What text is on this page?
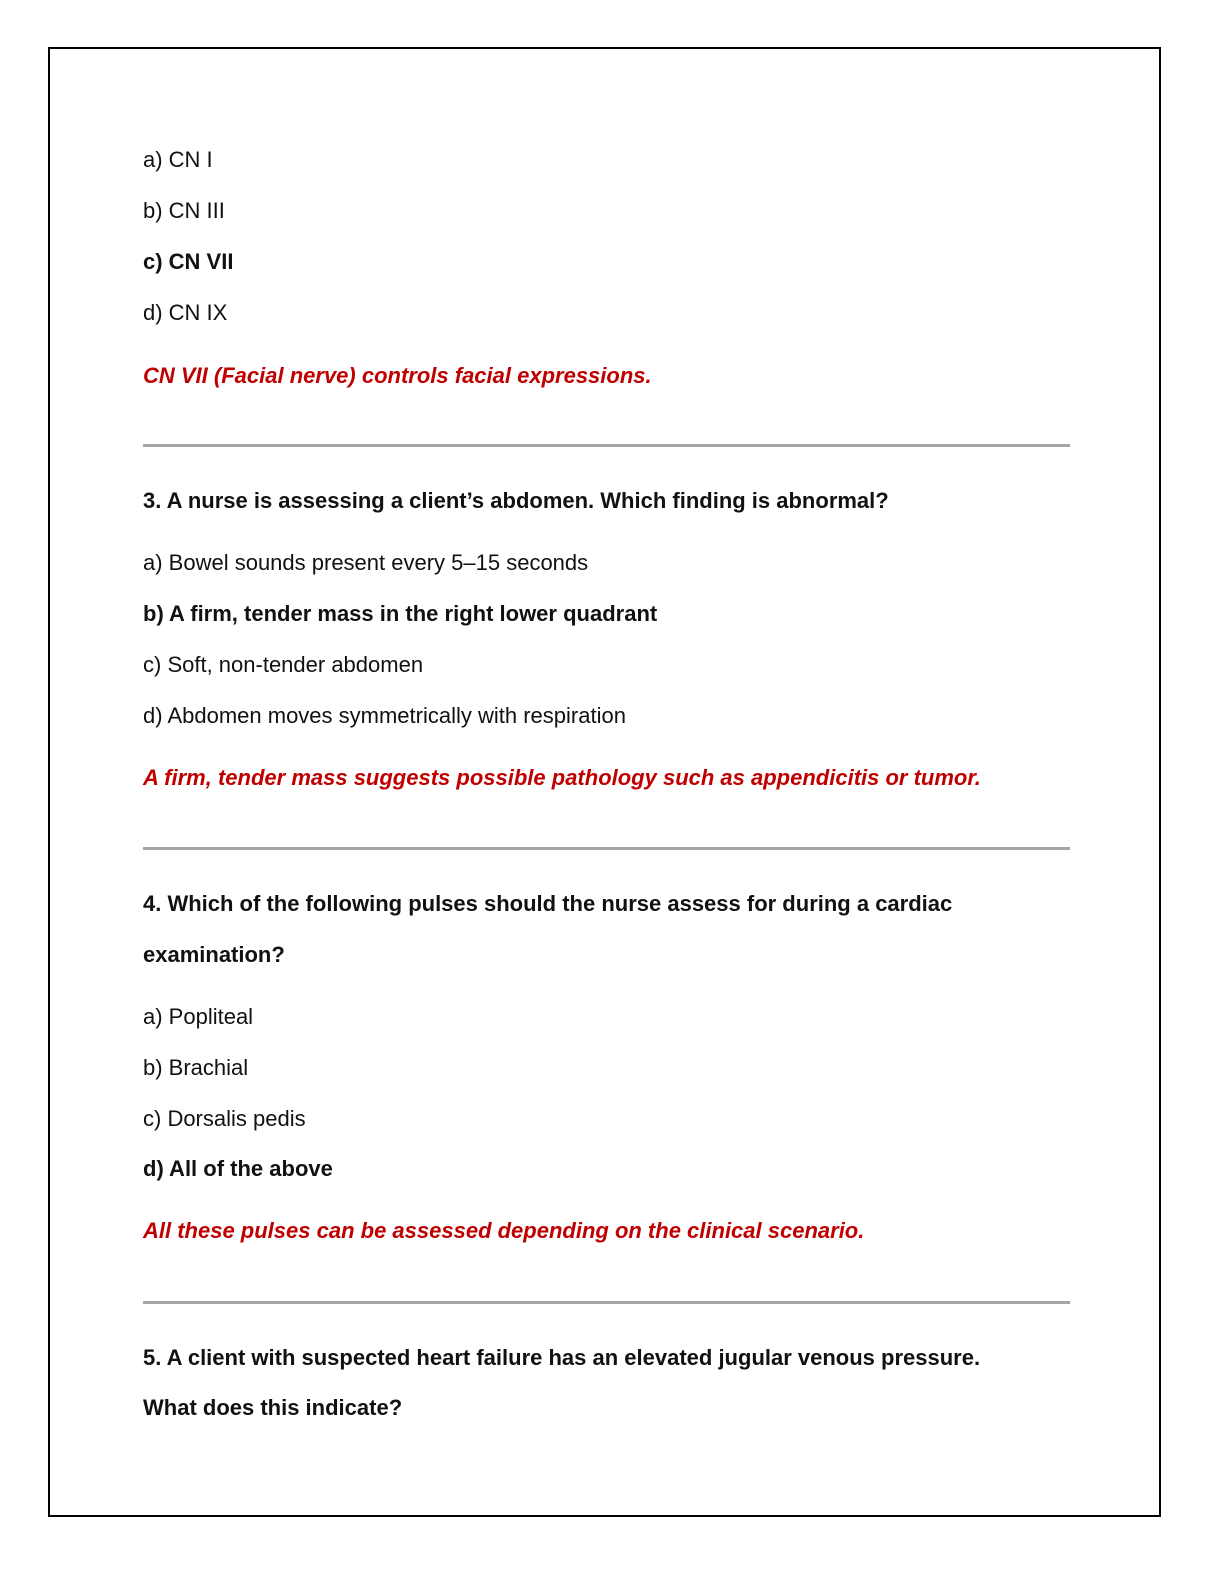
a) CN I

b) CN III

c) CN VII

d) CN IX

CN VII (Facial nerve) controls facial expressions.

3. A nurse is assessing a client’s abdomen. Which finding is abnormal?

a) Bowel sounds present every 5–15 seconds

b) A firm, tender mass in the right lower quadrant

c) Soft, non-tender abdomen

d) Abdomen moves symmetrically with respiration

A firm, tender mass suggests possible pathology such as appendicitis or tumor.

4. Which of the following pulses should the nurse assess for during a cardiac

examination?

a) Popliteal

b) Brachial

c) Dorsalis pedis

d) All of the above

All these pulses can be assessed depending on the clinical scenario.

5. A client with suspected heart failure has an elevated jugular venous pressure.

What does this indicate?
